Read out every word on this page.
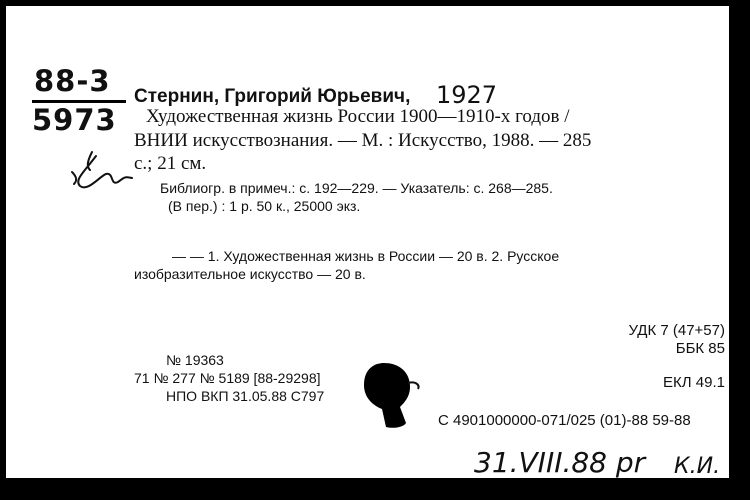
88-3
5973
Стернин, Григорий Юрьевич, 1927
Художественная жизнь России 1900—1910-х годов /
ВНИИ искусствознания. — М. : Искусство, 1988. — 285
с.; 21 см.
Библиогр. в примеч.: с. 192—229. — Указатель: с. 268—285.
(В пер.) : 1 р. 50 к., 25000 экз.
— — 1. Художественная жизнь в России — 20 в. 2. Русское
изобразительное искусство — 20 в.
УДК 7 (47+57)
ББК 85
№ 19363
71 № 277 № 5189 [88-29298]
НПО ВКП 31.05.88 С797
ЕКЛ 49.1
С 4901000000-071/025 (01)-88 59-88
31.VIII.88 pr К.И.
